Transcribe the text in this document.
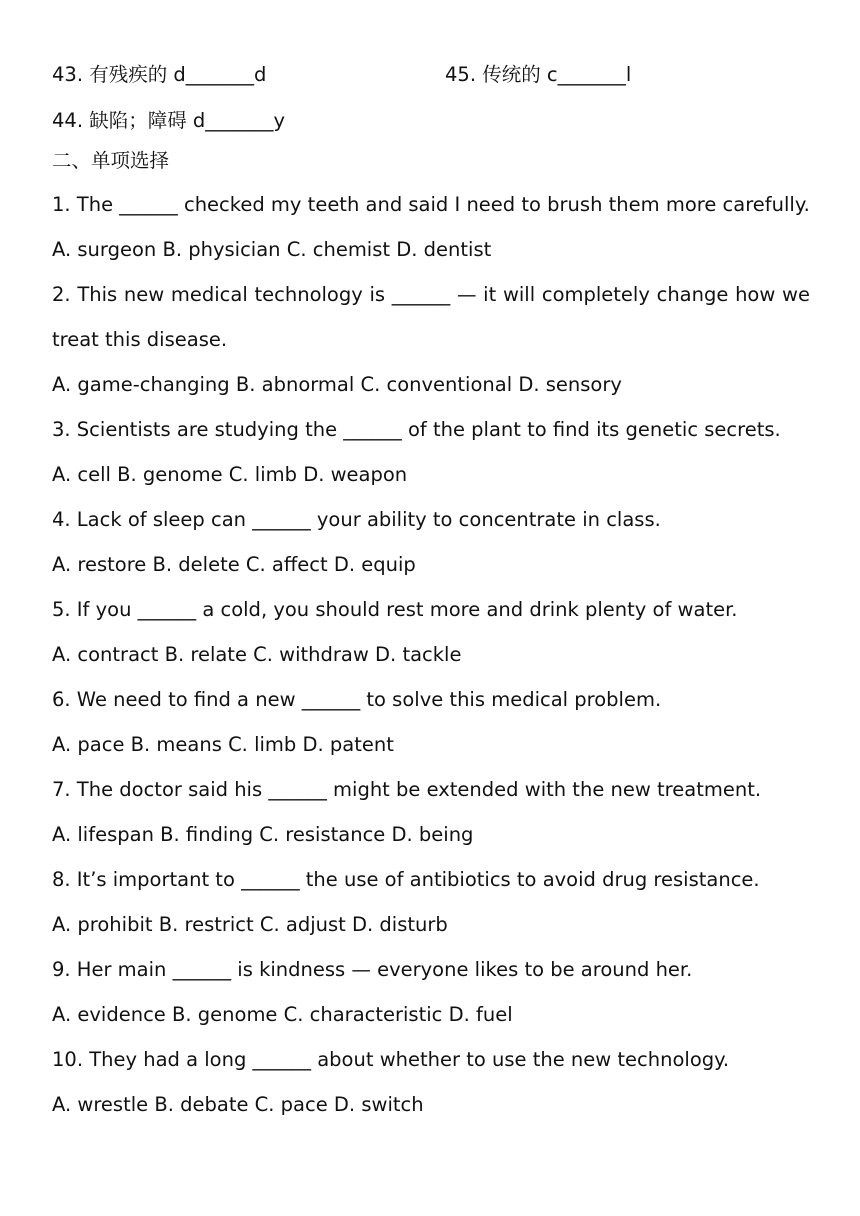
43. 有残疾的 d_______d	45. 传统的 c_______l
44. 缺陷；障碍 d_______y
二、单项选择
1. The ______ checked my teeth and said I need to brush them more carefully.
A. surgeon B. physician C. chemist D. dentist
2. This new medical technology is ______ — it will completely change how we
treat this disease.
A. game-changing B. abnormal C. conventional D. sensory
3. Scientists are studying the ______ of the plant to find its genetic secrets.
A. cell B. genome C. limb D. weapon
4. Lack of sleep can ______ your ability to concentrate in class.
A. restore B. delete C. affect D. equip
5. If you ______ a cold, you should rest more and drink plenty of water.
A. contract B. relate C. withdraw D. tackle
6. We need to find a new ______ to solve this medical problem.
A. pace B. means C. limb D. patent
7. The doctor said his ______ might be extended with the new treatment.
A. lifespan B. finding C. resistance D. being
8. It’s important to ______ the use of antibiotics to avoid drug resistance.
A. prohibit B. restrict C. adjust D. disturb
9. Her main ______ is kindness — everyone likes to be around her.
A. evidence B. genome C. characteristic D. fuel
10. They had a long ______ about whether to use the new technology.
A. wrestle B. debate C. pace D. switch
